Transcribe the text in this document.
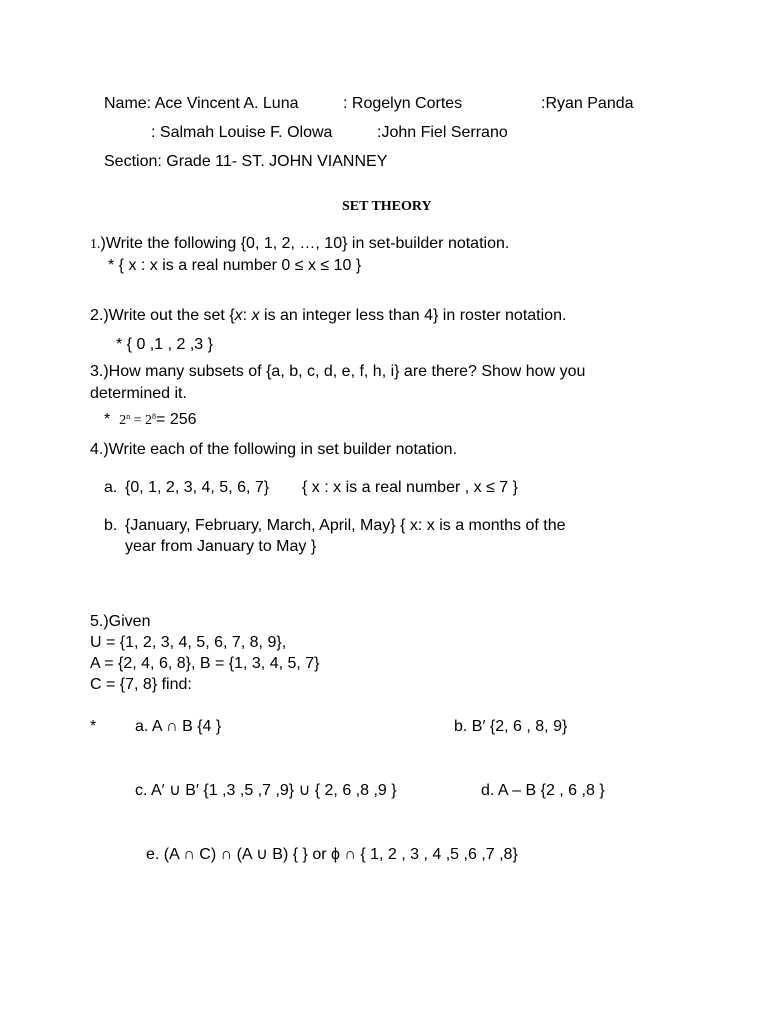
Name: Ace Vincent A. Luna	: Rogelyn Cortes	:Ryan Panda
: Salmah Louise F. Olowa	:John Fiel Serrano
Section: Grade 11- ST. JOHN VIANNEY
SET THEORY
1.)Write the following {0, 1, 2, …, 10} in set-builder notation.
* { x : x is a real number 0 ≤ x ≤ 10 }
2.)Write out the set {x: x is an integer less than 4} in roster notation.
* { 0 ,1 , 2 ,3 }
3.)How many subsets of {a, b, c, d, e, f, h, i} are there? Show how you
determined it.
* $2^n = 2^8= 256$
4.)Write each of the following in set builder notation.
a. {0, 1, 2, 3, 4, 5, 6, 7} { x : x is a real number , x ≤ 7 }
b. {January, February, March, April, May} { x: x is a months of the
year from January to May }
5.)Given
U = {1, 2, 3, 4, 5, 6, 7, 8, 9},
A = {2, 4, 6, 8}, B = {1, 3, 4, 5, 7}
C = {7, 8} find:
* a. A ∩ B {4 }	b. B′ {2, 6 , 8, 9}
c. A′ ∪ B′ {1 ,3 ,5 ,7 ,9} ∪ { 2, 6 ,8 ,9 }	d. A – B {2 , 6 ,8 }
e. (A ∩ C) ∩ (A ∪ B) { } or ϕ ∩ { 1, 2 , 3 , 4 ,5 ,6 ,7 ,8}
